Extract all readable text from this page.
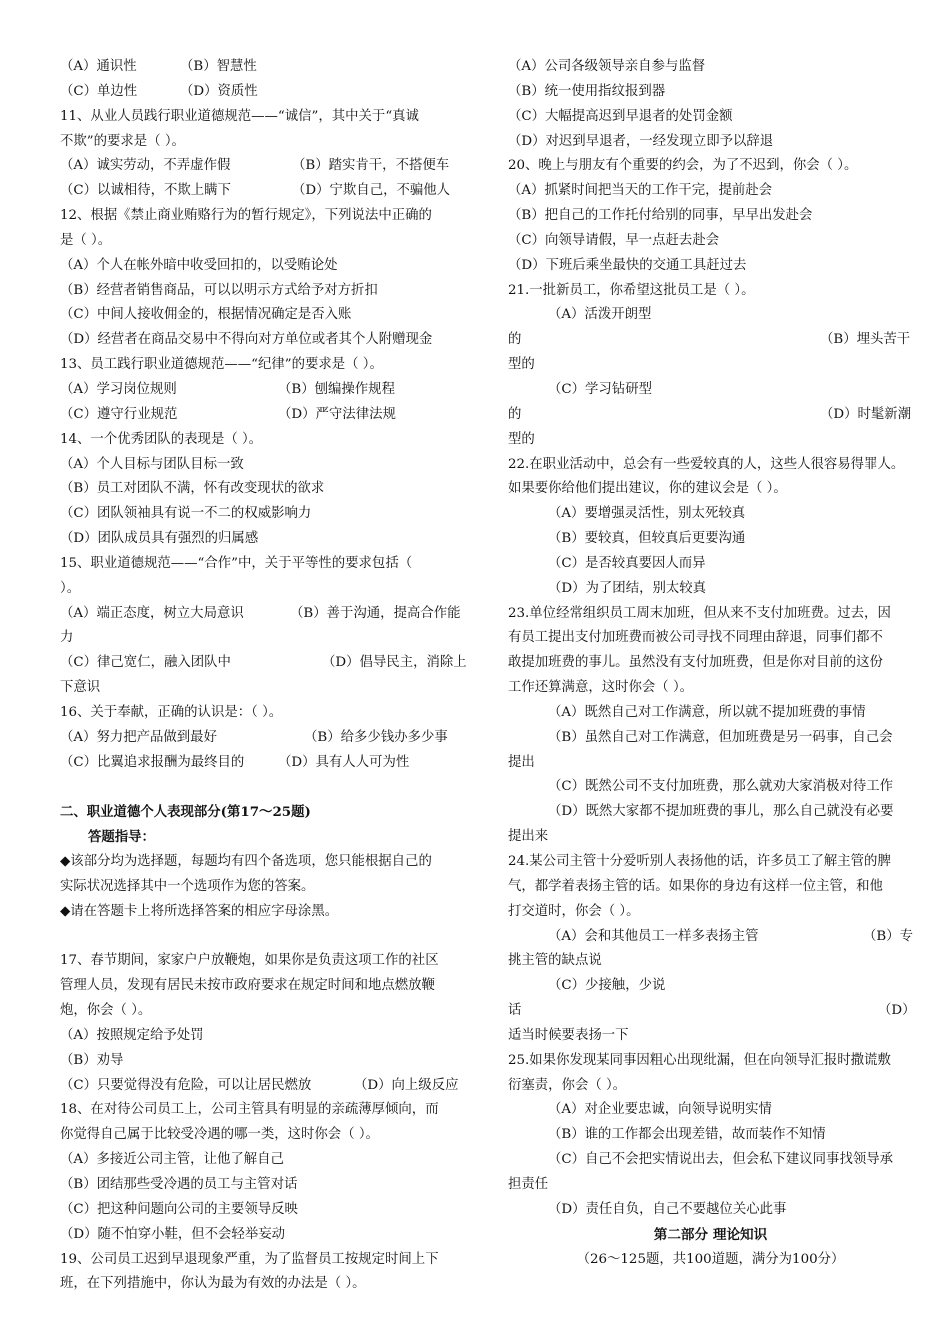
（A）通识性	（B）智慧性
（C）单边性	（D）资质性
11、从业人员践行职业道德规范——“诚信”，其中关于“真诚
不欺”的要求是（ ）。
（A）诚实劳动，不弄虚作假	（B）踏实肯干，不搭便车
（C）以诚相待，不欺上瞒下	（D）宁欺自己，不骗他人
12、根据《禁止商业贿赂行为的暂行规定》，下列说法中正确的
是（ ）。
（A）个人在帐外暗中收受回扣的，以受贿论处
（B）经营者销售商品，可以以明示方式给予对方折扣
（C）中间人接收佣金的，根据情况确定是否入账
（D）经营者在商品交易中不得向对方单位或者其个人附赠现金
13、员工践行职业道德规范——“纪律”的要求是（ ）。
（A）学习岗位规则	（B）刨编操作规程
（C）遵守行业规范	（D）严守法律法规
14、一个优秀团队的表现是（ ）。
（A）个人目标与团队目标一致
（B）员工对团队不满，怀有改变现状的欲求
（C）团队领袖具有说一不二的权威影响力
（D）团队成员具有强烈的归属感
15、职业道德规范——“合作”中，关于平等性的要求包括（
）。
（A）端正态度，树立大局意识	（B）善于沟通，提高合作能
力
（C）律己宽仁，融入团队中	（D）倡导民主，消除上
下意识
16、关于奉献，正确的认识是：（ ）。
（A）努力把产品做到最好	（B）给多少钱办多少事
（C）比翼追求报酬为最终目的	（D）具有人人可为性
二、职业道德个人表现部分(第17～25题)
答题指导：
◆该部分均为选择题，每题均有四个备选项，您只能根据自己的
实际状况选择其中一个选项作为您的答案。
◆请在答题卡上将所选择答案的相应字母涂黑。
17、春节期间，家家户户放鞭炮，如果你是负责这项工作的社区
管理人员，发现有居民未按市政府要求在规定时间和地点燃放鞭
炮，你会（ ）。
（A）按照规定给予处罚
（B）劝导
（C）只要觉得没有危险，可以让居民燃放	（D）向上级反应
18、在对待公司员工上，公司主管具有明显的亲疏薄厚倾向，而
你觉得自己属于比较受冷遇的哪一类，这时你会（ ）。
（A）多接近公司主管，让他了解自己
（B）团结那些受冷遇的员工与主管对话
（C）把这种问题向公司的主要领导反映
（D）随不怕穿小鞋，但不会轻举妄动
19、公司员工迟到早退现象严重，为了监督员工按规定时间上下
班，在下列措施中，你认为最为有效的办法是（ ）。
（A）公司各级领导亲自参与监督
（B）统一使用指纹报到器
（C）大幅提高迟到早退者的处罚金额
（D）对迟到早退者，一经发现立即予以辞退
20、晚上与朋友有个重要的约会，为了不迟到，你会（ ）。
（A）抓紧时间把当天的工作干完，提前赴会
（B）把自己的工作托付给别的同事，早早出发赴会
（C）向领导请假，早一点赶去赴会
（D）下班后乘坐最快的交通工具赶过去
21.一批新员工，你希望这批员工是（ ）。
（A）活泼开朗型
的	（B）埋头苦干
型的
（C）学习钻研型
的	（D）时髦新潮
型的
22.在职业活动中，总会有一些爱较真的人，这些人很容易得罪人。
如果要你给他们提出建议，你的建议会是（ ）。
（A）要增强灵活性，别太死较真
（B）要较真，但较真后更要沟通
（C）是否较真要因人而异
（D）为了团结，别太较真
23.单位经常组织员工周末加班，但从来不支付加班费。过去，因
有员工提出支付加班费而被公司寻找不同理由辞退，同事们都不
敢提加班费的事儿。虽然没有支付加班费，但是你对目前的这份
工作还算满意，这时你会（ ）。
（A）既然自己对工作满意，所以就不提加班费的事情
（B）虽然自己对工作满意，但加班费是另一码事，自己会
提出
（C）既然公司不支付加班费，那么就劝大家消极对待工作
（D）既然大家都不提加班费的事儿，那么自己就没有必要
提出来
24.某公司主管十分爱听别人表扬他的话，许多员工了解主管的脾
气，都学着表扬主管的话。如果你的身边有这样一位主管，和他
打交道时，你会（ ）。
（A）会和其他员工一样多表扬主管	（B）专
挑主管的缺点说
（C）少接触，少说
话	（D）
适当时候要表扬一下
25.如果你发现某同事因粗心出现纰漏，但在向领导汇报时撒谎敷
衍塞责，你会（ ）。
（A）对企业要忠诚，向领导说明实情
（B）谁的工作都会出现差错，故而装作不知情
（C）自己不会把实情说出去，但会私下建议同事找领导承
担责任
（D）责任自负，自己不要越位关心此事
第二部分 理论知识
（26～125题，共100道题，满分为100分）
